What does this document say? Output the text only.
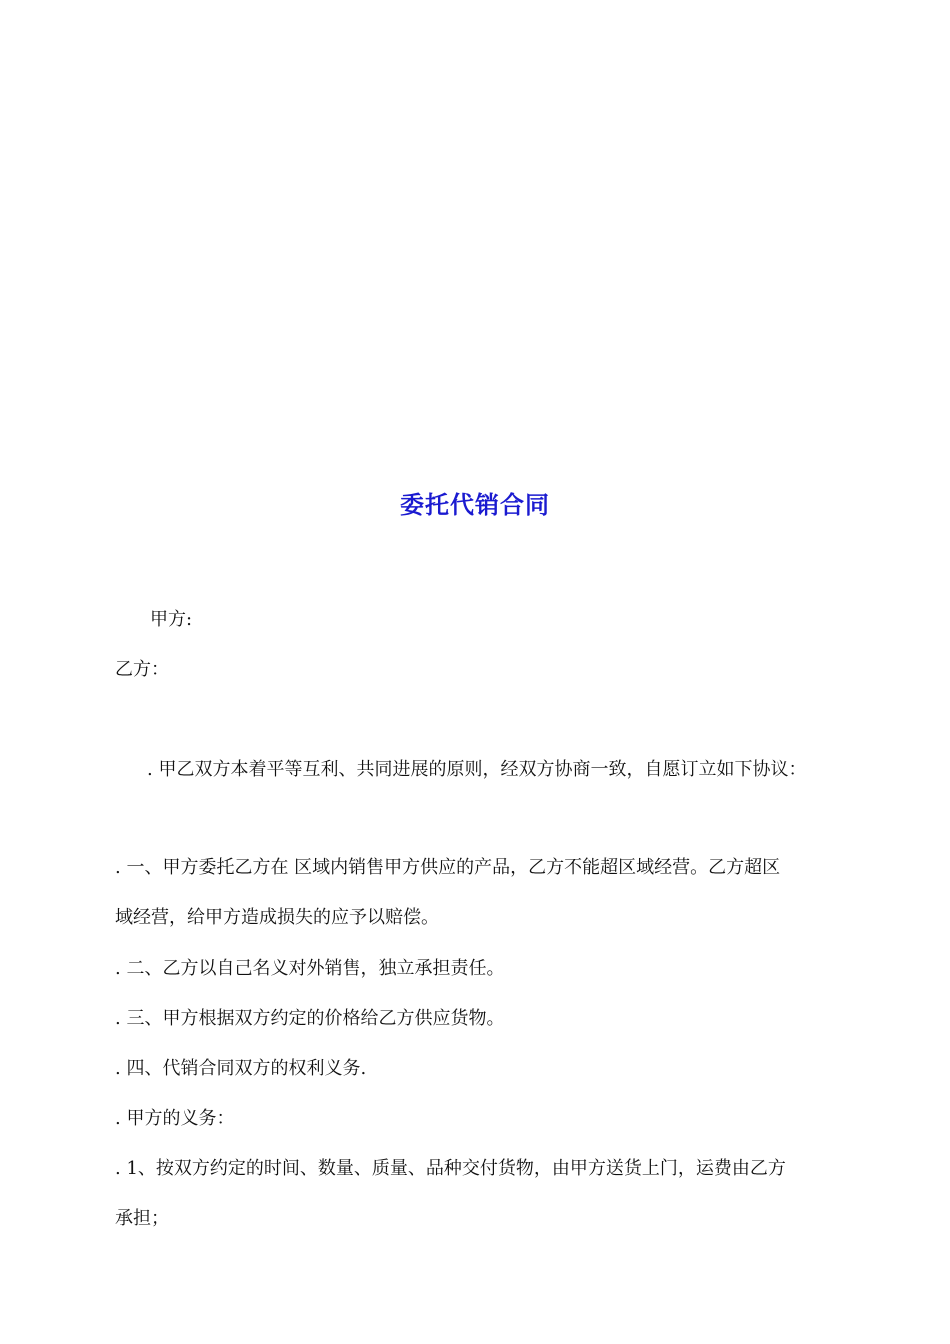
委托代销合同
甲方:
乙方：
. 甲乙双方本着平等互利、共同进展的原则，经双方协商一致，自愿订立如下协议：
. 一、甲方委托乙方在 区域内销售甲方供应的产品，乙方不能超区域经营。乙方超区
域经营，给甲方造成损失的应予以赔偿。
. 二、乙方以自己名义对外销售，独立承担责任。
. 三、甲方根据双方约定的价格给乙方供应货物。
. 四、代销合同双方的权利义务.
. 甲方的义务：
. 1、按双方约定的时间、数量、质量、品种交付货物，由甲方送货上门，运费由乙方
承担；
